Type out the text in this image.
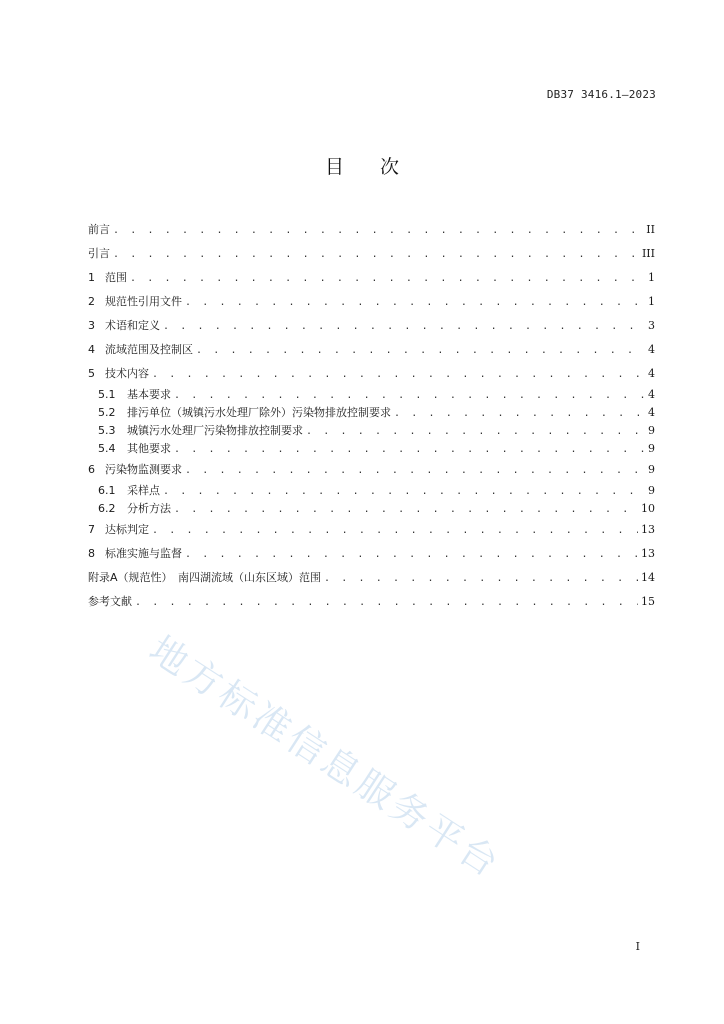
DB37 3416.1—2023
目次
前言 . . .	II
引言 . . .	III
1 范围 . . .	1
2 规范性引用文件 . . .	1
3 术语和定义 . . .	3
4 流域范围及控制区 . . .	4
5 技术内容 . . .	4
5.1 基本要求 . . .	4
5.2 排污单位（城镇污水处理厂除外）污染物排放控制要求 . . .	4
5.3 城镇污水处理厂污染物排放控制要求 . . .	9
5.4 其他要求 . . .	9
6 污染物监测要求 . . .	9
6.1 采样点 . . .	9
6.2 分析方法 . . .	10
7 达标判定 . . .	13
8 标准实施与监督 . . .	13
附录A（规范性）　南四湖流域（山东区域）范围 . . .	14
参考文献 . . .	15
地方标准信息服务平台
I
